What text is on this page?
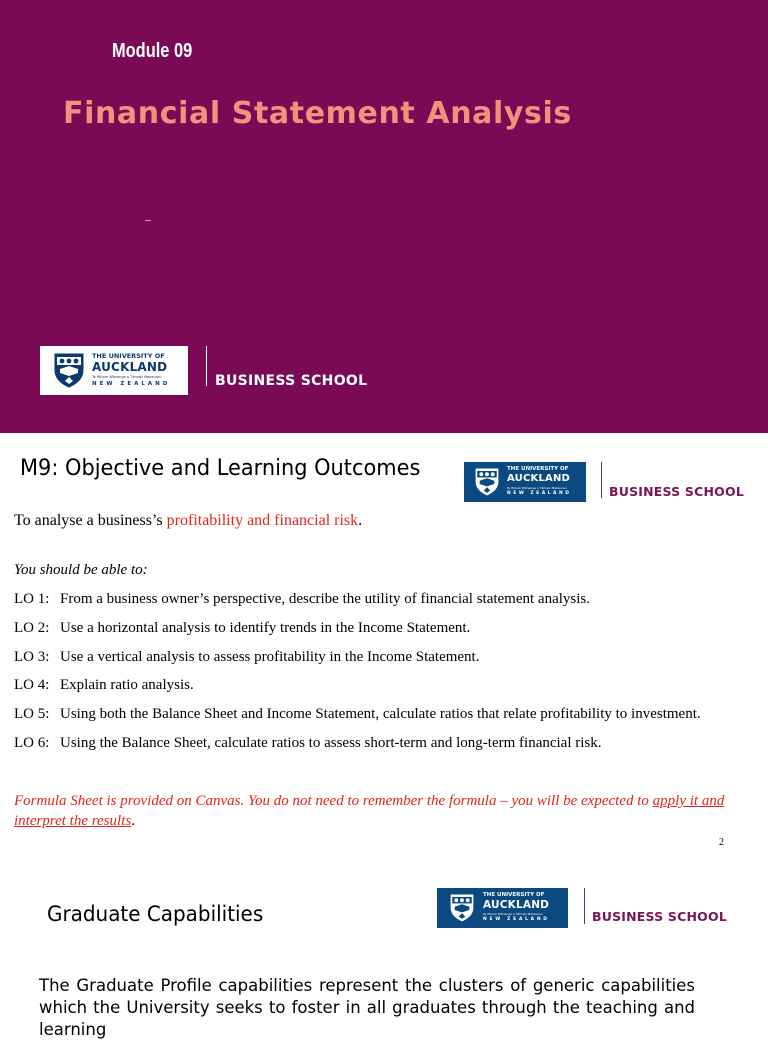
Module 09
Financial Statement Analysis
THE UNIVERSITY OF
AUCKLAND
Te Whare Wānanga o Tāmaki Makaurau
NEW ZEALAND	BUSINESS SCHOOL
M9: Objective and Learning Outcomes	THE UNIVERSITY OF
AUCKLAND
Te Whare Wānanga o Tāmaki Makaurau
NEW ZEALAND	BUSINESS SCHOOL
To analyse a business’s profitability and financial risk.
You should be able to:
LO 1: From a business owner’s perspective, describe the utility of financial statement analysis.
LO 2: Use a horizontal analysis to identify trends in the Income Statement.
LO 3: Use a vertical analysis to assess profitability in the Income Statement.
LO 4: Explain ratio analysis.
LO 5: Using both the Balance Sheet and Income Statement, calculate ratios that relate profitability to investment.
LO 6: Using the Balance Sheet, calculate ratios to assess short-term and long-term financial risk.
Formula Sheet is provided on Canvas. You do not need to remember the formula – you will be expected to apply it and interpret the results.
2
Graduate Capabilities
THE UNIVERSITY OF
AUCKLAND
Te Whare Wānanga o Tāmaki Makaurau
NEW ZEALAND	BUSINESS SCHOOL
The Graduate Profile capabilities represent the clusters of generic capabilities which the University seeks to foster in all graduates through the teaching and learning
